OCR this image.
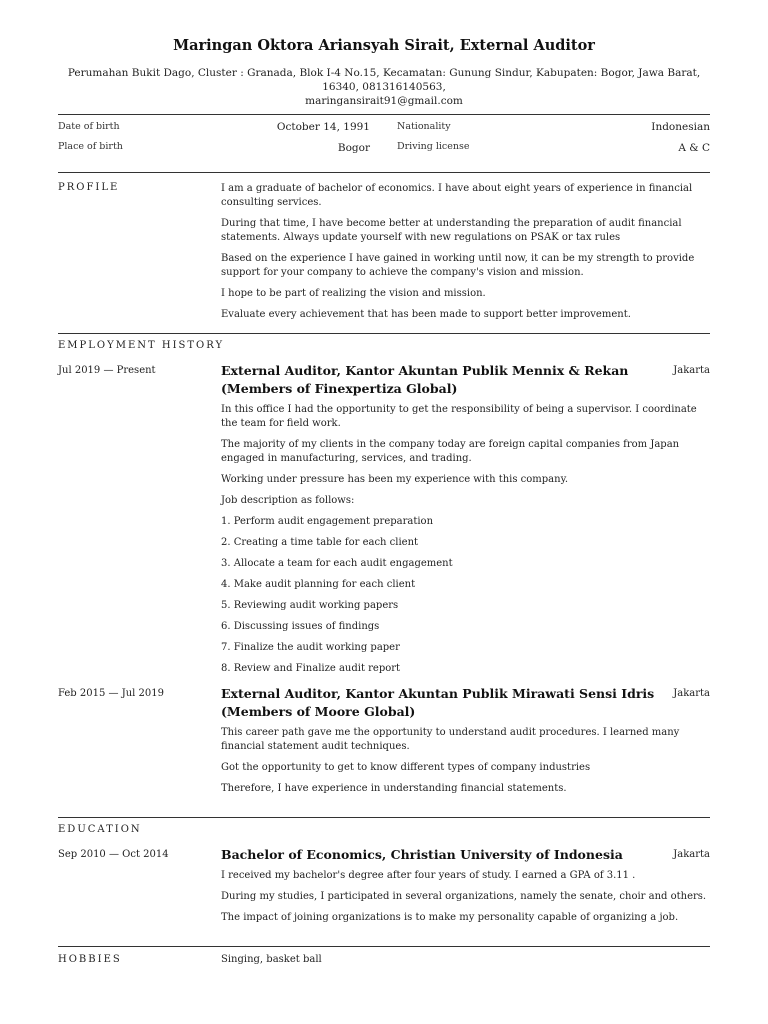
Maringan Oktora Ariansyah Sirait, External Auditor
Perumahan Bukit Dago, Cluster : Granada, Blok I-4 No.15, Kecamatan: Gunung Sindur, Kabupaten: Bogor, Jawa Barat, 16340, 081316140563,
maringansirait91@gmail.com
Date of birth	October 14, 1991	Nationality	Indonesian
Place of birth	Bogor	Driving license	A & C
PROFILE	I am a graduate of bachelor of economics. I have about eight years of experience in financial consulting services.

During that time, I have become better at understanding the preparation of audit financial statements. Always update yourself with new regulations on PSAK or tax rules

Based on the experience I have gained in working until now, it can be my strength to provide support for your company to achieve the company's vision and mission.

I hope to be part of realizing the vision and mission.

Evaluate every achievement that has been made to support better improvement.

EMPLOYMENT HISTORY
Jul 2019 — Present	Jakarta

External Auditor, Kantor Akuntan Publik Mennix & Rekan

(Members of Finexpertiza Global)

In this office I had the opportunity to get the responsibility of being a supervisor. I coordinate the team for field work.

The majority of my clients in the company today are foreign capital companies from Japan engaged in manufacturing, services, and trading.

Working under pressure has been my experience with this company.

Job description as follows:

1. Perform audit engagement preparation

2. Creating a time table for each client

3. Allocate a team for each audit engagement

4. Make audit planning for each client

5. Reviewing audit working papers

6. Discussing issues of findings

7. Finalize the audit working paper

8. Review and Finalize audit report

Feb 2015 — Jul 2019	Jakarta

External Auditor, Kantor Akuntan Publik Mirawati Sensi Idris

(Members of Moore Global)

This career path gave me the opportunity to understand audit procedures. I learned many financial statement audit techniques.

Got the opportunity to get to know different types of company industries

Therefore, I have experience in understanding financial statements.

EDUCATION
Sep 2010 — Oct 2014	Jakarta

Bachelor of Economics, Christian University of Indonesia

I received my bachelor's degree after four years of study. I earned a GPA of 3.11 .

During my studies, I participated in several organizations, namely the senate, choir and others.

The impact of joining organizations is to make my personality capable of organizing a job.

HOBBIES	Singing, basket ball
